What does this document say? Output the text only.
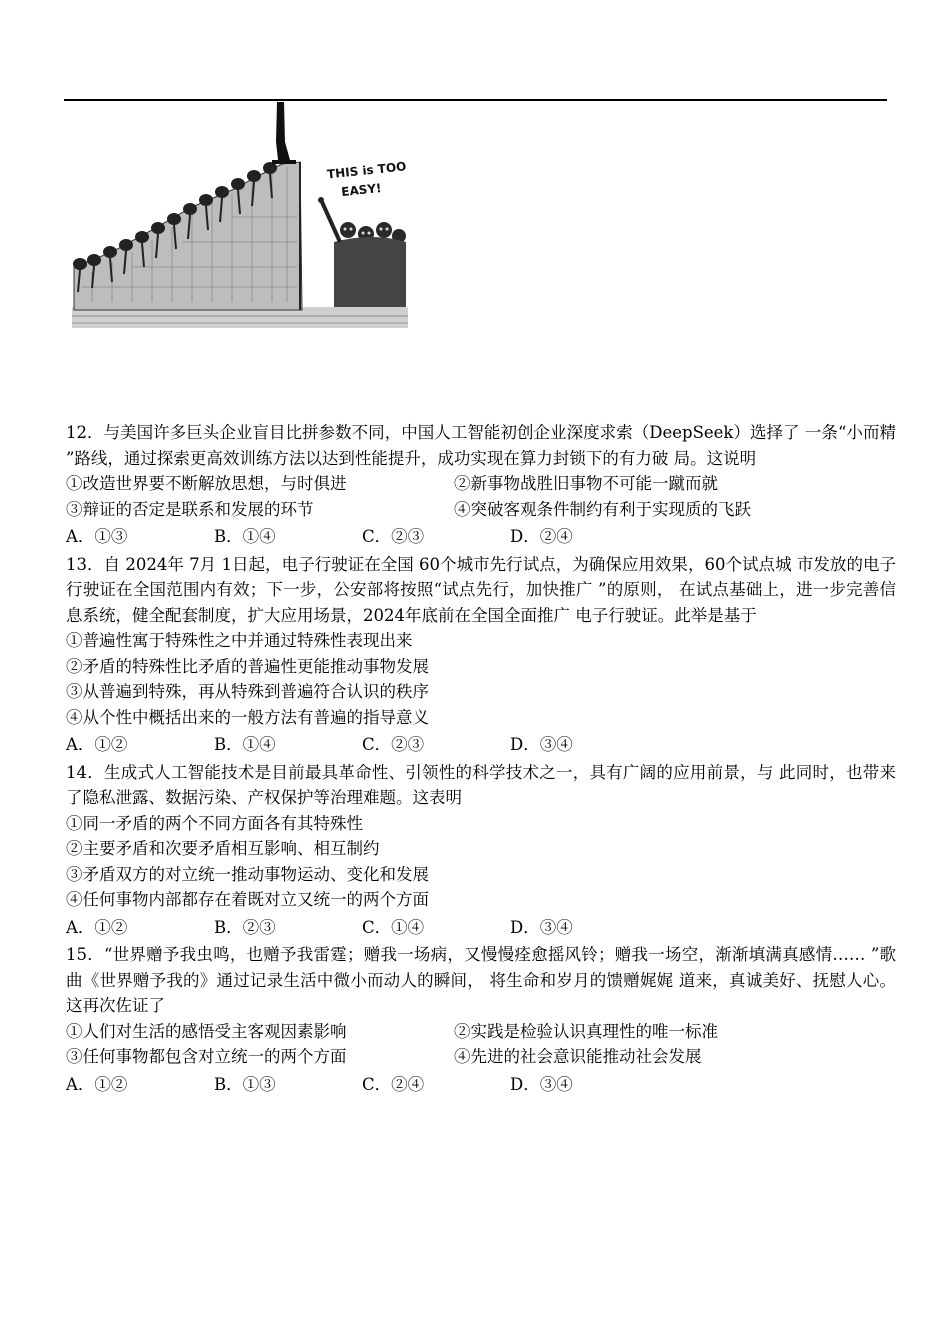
THIS is TOO
EASY!

12．与美国许多巨头企业盲目比拼参数不同，中国人工智能初创企业深度求索（DeepSeek）选择了 一条“小而精 ”路线，通过探索更高效训练方法以达到性能提升，成功实现在算力封锁下的有力破 局。这说明

①改造世界要不断解放思想，与时俱进	②新事物战胜旧事物不可能一蹴而就
③辩证的否定是联系和发展的环节	④突破客观条件制约有利于实现质的飞跃
A．①③	B．①④	C．②③	D．②④

13．自 2024年 7月 1日起，电子行驶证在全国 60个城市先行试点，为确保应用效果，60个试点城 市发放的电子行驶证在全国范围内有效；下一步，公安部将按照“试点先行，加快推广 ”的原则， 在试点基础上，进一步完善信息系统，健全配套制度，扩大应用场景，2024年底前在全国全面推广 电子行驶证。此举是基于

①普遍性寓于特殊性之中并通过特殊性表现出来
②矛盾的特殊性比矛盾的普遍性更能推动事物发展
③从普遍到特殊，再从特殊到普遍符合认识的秩序
④从个性中概括出来的一般方法有普遍的指导意义
A．①②	B．①④	C．②③	D．③④

14．生成式人工智能技术是目前最具革命性、引领性的科学技术之一，具有广阔的应用前景，与 此同时，也带来了隐私泄露、数据污染、产权保护等治理难题。这表明

①同一矛盾的两个不同方面各有其特殊性
②主要矛盾和次要矛盾相互影响、相互制约
③矛盾双方的对立统一推动事物运动、变化和发展
④任何事物内部都存在着既对立又统一的两个方面
A．①②	B．②③	C．①④	D．③④

15．“世界赠予我虫鸣，也赠予我雷霆；赠我一场病，又慢慢痊愈摇风铃；赠我一场空，渐渐填满真感情…… ”歌曲《世界赠予我的》通过记录生活中微小而动人的瞬间， 将生命和岁月的馈赠娓娓 道来，真诚美好、抚慰人心。这再次佐证了

①人们对生活的感悟受主客观因素影响	②实践是检验认识真理性的唯一标准
③任何事物都包含对立统一的两个方面	④先进的社会意识能推动社会发展
A．①②	B．①③	C．②④	D．③④
